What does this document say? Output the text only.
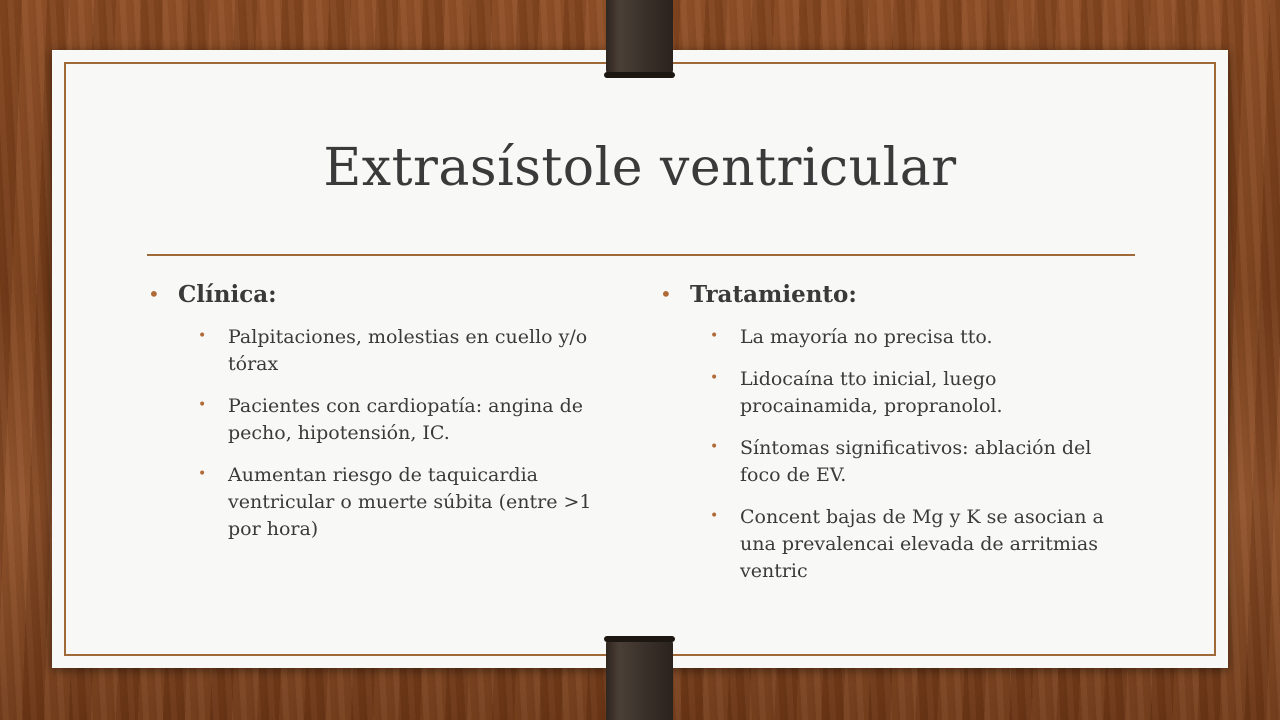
Extrasístole ventricular
• Clínica:
• Palpitaciones, molestias en cuello y/o tórax
• Pacientes con cardiopatía: angina de pecho, hipotensión, IC.
• Aumentan riesgo de taquicardia ventricular o muerte súbita (entre >1 por hora)
• Tratamiento:
• La mayoría no precisa tto.
• Lidocaína tto inicial, luego procainamida, propranolol.
• Síntomas significativos: ablación del foco de EV.
• Concent bajas de Mg y K se asocian a una prevalencai elevada de arritmias ventric
